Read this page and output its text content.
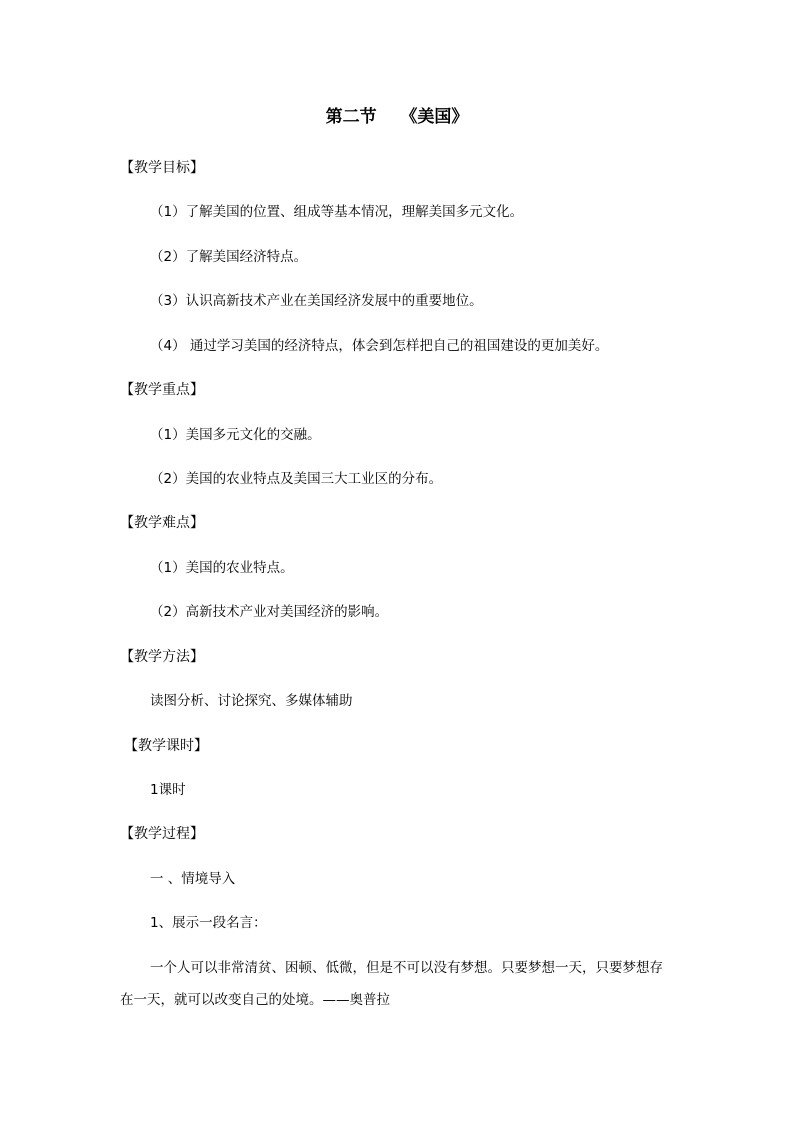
第二节    《美国》
【教学目标】
（1）了解美国的位置、组成等基本情况，理解美国多元文化。
（2）了解美国经济特点。
（3）认识高新技术产业在美国经济发展中的重要地位。
（4） 通过学习美国的经济特点，体会到怎样把自己的祖国建设的更加美好。
【教学重点】
（1）美国多元文化的交融。
（2）美国的农业特点及美国三大工业区的分布。
【教学难点】
（1）美国的农业特点。
（2）高新技术产业对美国经济的影响。
【教学方法】
读图分析、讨论探究、多媒体辅助
【教学课时】
1课时
【教学过程】
一 、情境导入
1、展示一段名言：
一个人可以非常清贫、困顿、低微，但是不可以没有梦想。只要梦想一天，只要梦想存
在一天，就可以改变自己的处境。——奥普拉
